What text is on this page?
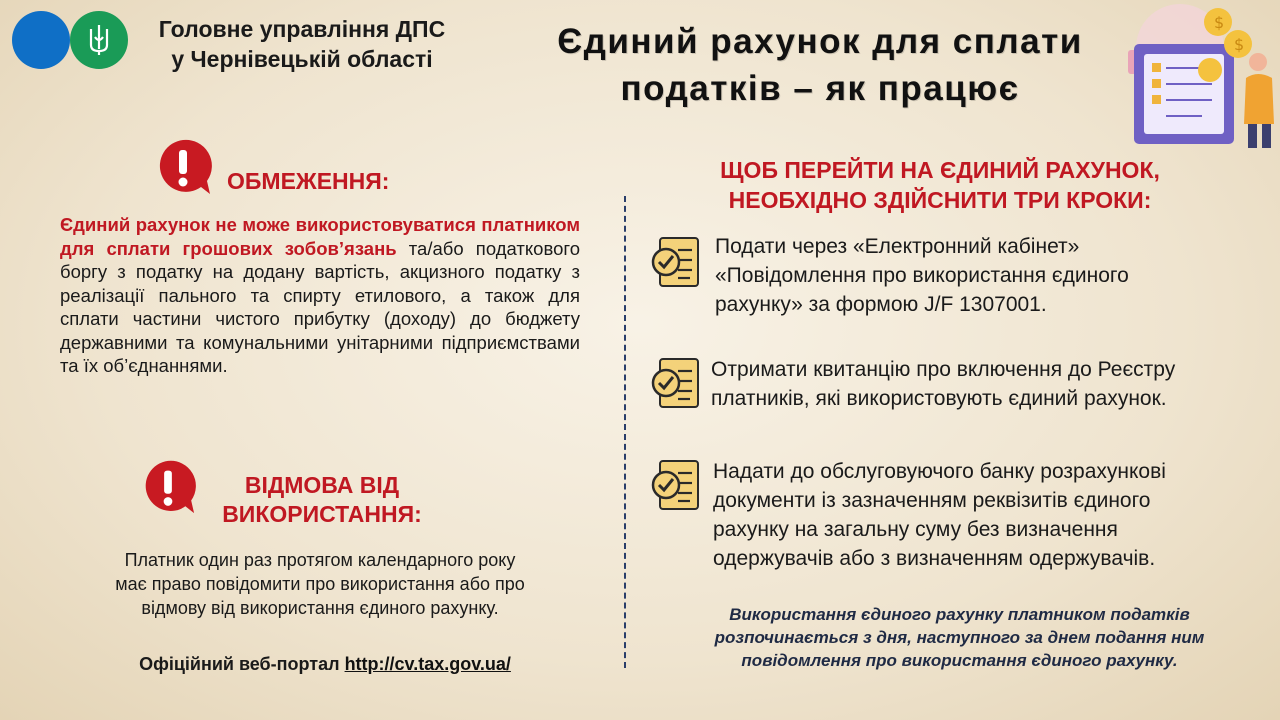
Головне управління ДПС
у Чернівецькій області	Єдиний рахунок для сплати
податків – як працює
$
$
ОБМЕЖЕННЯ:
Єдиний рахунок не може використовуватися платником для сплати грошових зобов’язань та/або податкового боргу з податку на додану вартість, акцизного податку з реалізації пального та спирту етилового, а також для сплати частини чистого прибутку (доходу) до бюджету державними та комунальними унітарними підприємствами та їх об’єднаннями.
ВІДМОВА ВІД
ВИКОРИСТАННЯ:
Платник один раз протягом календарного року
має право повідомити про використання або про
відмову від використання єдиного рахунку.
Офіційний веб-портал http://cv.tax.gov.ua/
ЩОБ ПЕРЕЙТИ НА ЄДИНИЙ РАХУНОК,
НЕОБХІДНО ЗДІЙСНИТИ ТРИ КРОКИ:
Подати через «Електронний кабінет»
«Повідомлення про використання єдиного
рахунку» за формою J/F 1307001.
Отримати квитанцію про включення до Реєстру
платників, які використовують єдиний рахунок.
Надати до обслуговуючого банку розрахункові
документи із зазначенням реквізитів єдиного
рахунку на загальну суму без визначення
одержувачів або з визначенням одержувачів.
Використання єдиного рахунку платником податків
розпочинається з дня, наступного за днем подання ним
повідомлення про використання єдиного рахунку.
